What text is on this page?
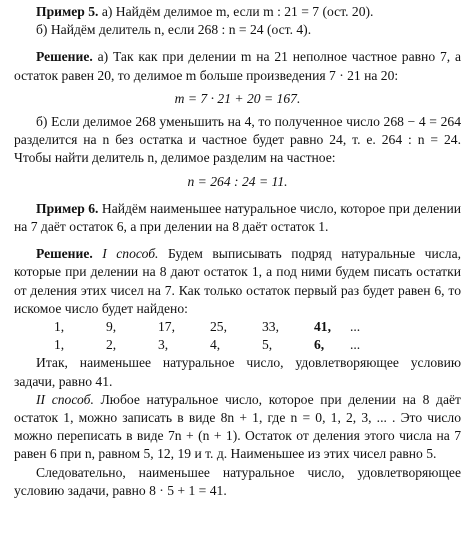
Пример 5. а) Найдём делимое m, если m : 21 = 7 (ост. 20).

б) Найдём делитель n, если 268 : n = 24 (ост. 4).

Решение. а) Так как при делении m на 21 неполное частное равно 7, а остаток равен 20, то делимое m больше произведения 7 · 21 на 20:

m = 7 · 21 + 20 = 167.

б) Если делимое 268 уменьшить на 4, то полученное число 268 − 4 = 264 разделится на n без остатка и частное будет равно 24, т. е. 264 : n = 24. Чтобы найти делитель n, делимое разделим на частное:

n = 264 : 24 = 11.

Пример 6. Найдём наименьшее натуральное число, которое при делении на 7 даёт остаток 6, а при делении на 8 даёт остаток 1.

Решение. I способ. Будем выписывать подряд натуральные числа, которые при делении на 8 дают остаток 1, а под ними будем писать остатки от деления этих чисел на 7. Как только остаток первый раз будет равен 6, то искомое число будет найдено:

1,	9,	17,	25,	33,	41, ...
1,	2,	3,	4,	5,	6, ...

Итак, наименьшее натуральное число, удовлетворяющее условию задачи, равно 41.

II способ. Любое натуральное число, которое при делении на 8 даёт остаток 1, можно записать в виде 8n + 1, где n = 0, 1, 2, 3, ... . Это число можно переписать в виде 7n + (n + 1). Остаток от деления этого числа на 7 равен 6 при n, равном 5, 12, 19 и т. д. Наименьшее из этих чисел равно 5.

Следовательно, наименьшее натуральное число, удовлетворяющее условию задачи, равно 8 · 5 + 1 = 41.
